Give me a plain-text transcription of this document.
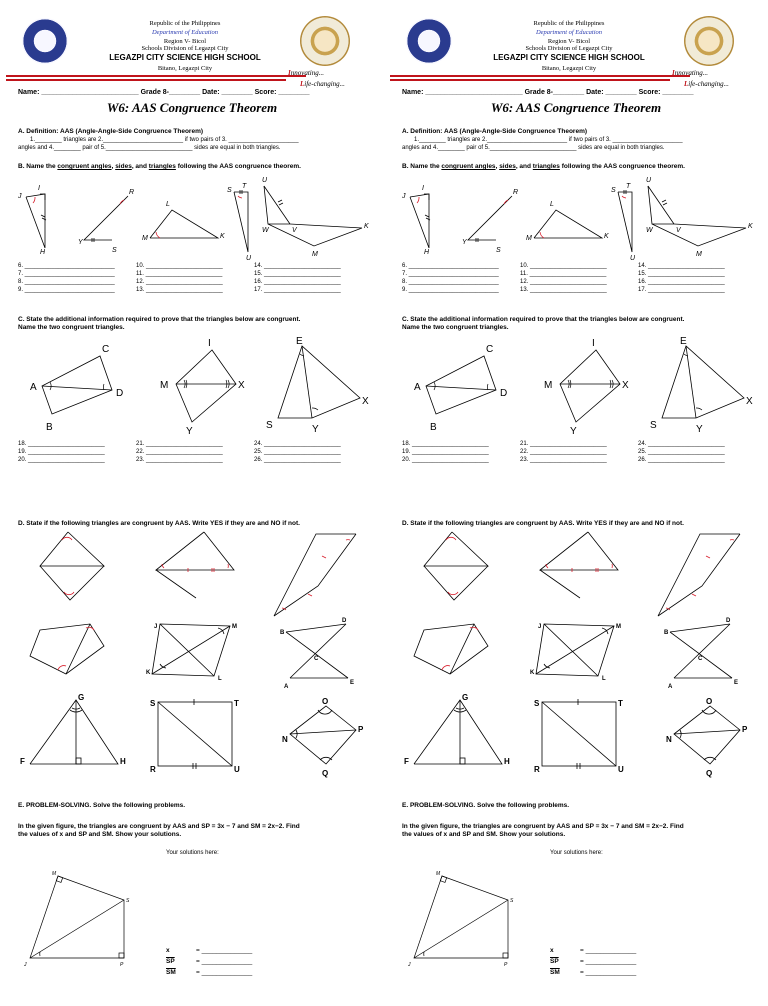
Republic of the Philippines
Department of Education
Region V- Bicol
Schools Division of Legazpi City
LEGAZPI CITY SCIENCE HIGH SCHOOL
Bitano, Legazpi City
Innovating...
Life-changing...
Name: _________________________ Grade 8-________ Date: ________ Score: ________
W6: AAS Congruence Theorem
A. Definition: AAS (Angle-Angle-Side Congruence Theorem)
1.________ triangles are 2.________________________ if two pairs of 3. _____________________
angles and 4.________ pair of 5.__________________________ sides are equal in both triangles.
B. Name the congruent angles, sides, and triangles following the AAS congruence theorem.
J
I
H
Y
R
S
L
M	K
S
T
U
U
W	V
K
M
6. ___________________________
7. ___________________________
8. ___________________________
9. ___________________________
10. _______________________
11. _______________________
12. _______________________
13. _______________________
14. _______________________
15. _______________________
16. _______________________
17. _______________________
C. State the additional information required to prove that the triangles below are congruent.
Name the two congruent triangles.
A
B
C
D
I
M	X
Y
E
S	Y
X
18. _______________________
19. _______________________
20. _______________________
21. _______________________
22. _______________________
23. _______________________
24. _______________________
25. _______________________
26. _______________________
D. State if the following triangles are congruent by AAS. Write YES if they are and NO if not.
J	M
K
L
B
D
C
A
E
G
F	H
S	T
R	U
O
N
P
Q
E. PROBLEM-SOLVING. Solve the following problems.
In the given figure, the triangles are congruent by AAS and SP = 3x − 7 and SM = 2x−2. Find
the values of x and SP and SM. Show your solutions.
Your solutions here:
M
S
J	P
x	= ______________
$\overline{SP}$	= ______________
$\overline{SM}$	= ______________
Republic of the Philippines
Department of Education
Region V- Bicol
Schools Division of Legazpi City
LEGAZPI CITY SCIENCE HIGH SCHOOL
Bitano, Legazpi City
Innovating...
Life-changing...
Name: _________________________ Grade 8-________ Date: ________ Score: ________
W6: AAS Congruence Theorem
A. Definition: AAS (Angle-Angle-Side Congruence Theorem)
1.________ triangles are 2.________________________ if two pairs of 3. _____________________
angles and 4.________ pair of 5.__________________________ sides are equal in both triangles.
B. Name the congruent angles, sides, and triangles following the AAS congruence theorem.
J
I
H
Y
R
S
L
M	K
S
T
U
U
W	V
K
M
6. ___________________________
7. ___________________________
8. ___________________________
9. ___________________________
10. _______________________
11. _______________________
12. _______________________
13. _______________________
14. _______________________
15. _______________________
16. _______________________
17. _______________________
C. State the additional information required to prove that the triangles below are congruent.
Name the two congruent triangles.
A
B
C
D
I
M	X
Y
E
S	Y
X
18. _______________________
19. _______________________
20. _______________________
21. _______________________
22. _______________________
23. _______________________
24. _______________________
25. _______________________
26. _______________________
D. State if the following triangles are congruent by AAS. Write YES if they are and NO if not.
J	M
K
L
B
D
C
A
E
G
F	H
S	T
R	U
O
N
P
Q
E. PROBLEM-SOLVING. Solve the following problems.
In the given figure, the triangles are congruent by AAS and SP = 3x − 7 and SM = 2x−2. Find
the values of x and SP and SM. Show your solutions.
Your solutions here:
M
S
J	P
x	= ______________
$\overline{SP}$	= ______________
$\overline{SM}$	= ______________
